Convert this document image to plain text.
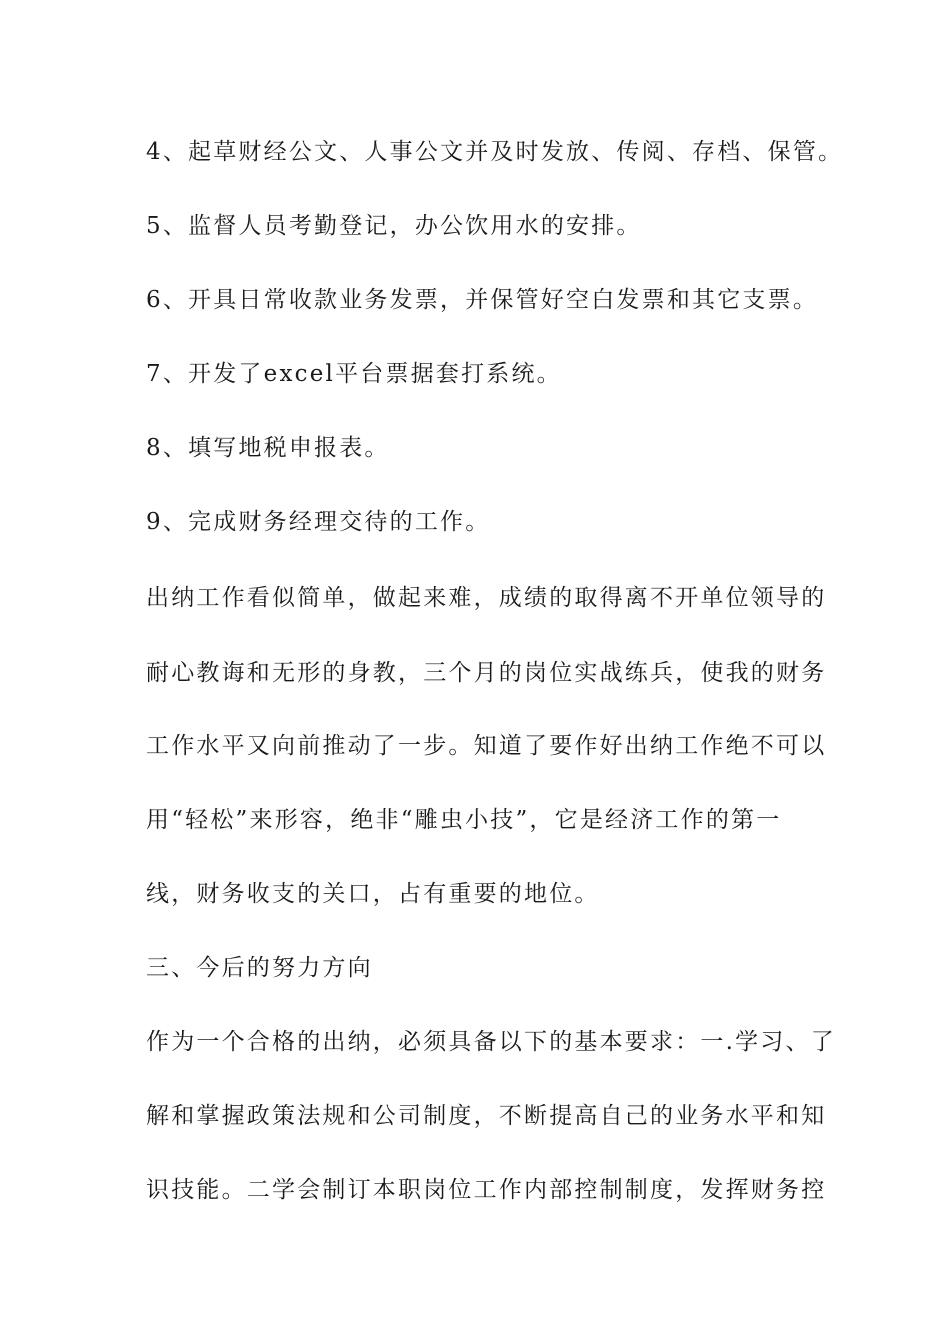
4、起草财经公文、人事公文并及时发放、传阅、存档、保管。
5、监督人员考勤登记，办公饮用水的安排。
6、开具日常收款业务发票，并保管好空白发票和其它支票。
7、开发了excel平台票据套打系统。
8、填写地税申报表。
9、完成财务经理交待的工作。
出纳工作看似简单，做起来难，成绩的取得离不开单位领导的
耐心教诲和无形的身教，三个月的岗位实战练兵，使我的财务
工作水平又向前推动了一步。知道了要作好出纳工作绝不可以
用“轻松”来形容，绝非“雕虫小技”，它是经济工作的第一
线，财务收支的关口，占有重要的地位。
三、今后的努力方向
作为一个合格的出纳，必须具备以下的基本要求：一.学习、了
解和掌握政策法规和公司制度，不断提高自己的业务水平和知
识技能。二学会制订本职岗位工作内部控制制度，发挥财务控
